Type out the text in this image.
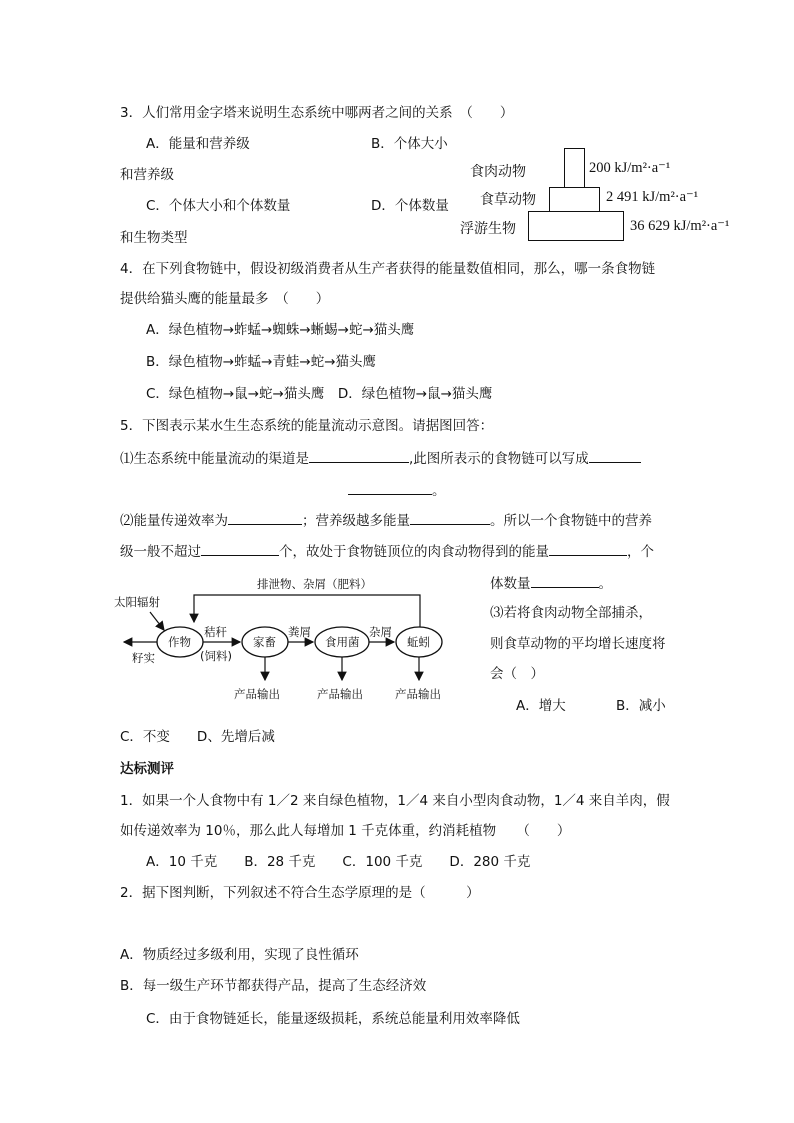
3．人们常用金字塔来说明生态系统中哪两者之间的关系　（　　）
A．能量和营养级	B．个体大小
和营养级
C．个体大小和个体数量	D．个体数量
和生物类型
食肉动物
食草动物
浮游生物
200 kJ/m²·a⁻¹
2 491 kJ/m²·a⁻¹
36 629 kJ/m²·a⁻¹
4．在下列食物链中，假设初级消费者从生产者获得的能量数值相同，那么，哪一条食物链
提供给猫头鹰的能量最多　（　　）
A．绿色植物→蚱蜢→蜘蛛→蜥蜴→蛇→猫头鹰
B．绿色植物→蚱蜢→青蛙→蛇→猫头鹰
C．绿色植物→鼠→蛇→猫头鹰　D．绿色植物→鼠→猫头鹰
5．下图表示某水生生态系统的能量流动示意图。请据图回答：
⑴生态系统中能量流动的渠道是	,此图所表示的食物链可以写成
。
⑵能量传递效率为	；营养级越多能量	。所以一个食物链中的营养
级一般不超过	个，故处于食物链顶位的肉食动物得到的能量	，个
体数量	。
⑶若将食肉动物全部捕杀，
则食草动物的平均增长速度将
会（　）
A．增大	B．减小
C．不变　　D、先增后减
排泄物、杂屑（肥料）
太阳辐射
作物	家畜	食用菌	蚯蚓
籽实
秸秆
(饲料)
粪屑	杂屑
产品输出	产品输出	产品输出
达标测评
1．如果一个人食物中有 1／2 来自绿色植物，1／4 来自小型肉食动物，1／4 来自羊肉，假
如传递效率为 10％，那么此人每增加 1 千克体重，约消耗植物　　（　　）
A．10 千克　　B．28 千克　　C．100 千克　　D．280 千克
2．据下图判断，下列叙述不符合生态学原理的是（　　　）
A．物质经过多级利用，实现了良性循环
B．每一级生产环节都获得产品，提高了生态经济效
C．由于食物链延长，能量逐级损耗，系统总能量利用效率降低
